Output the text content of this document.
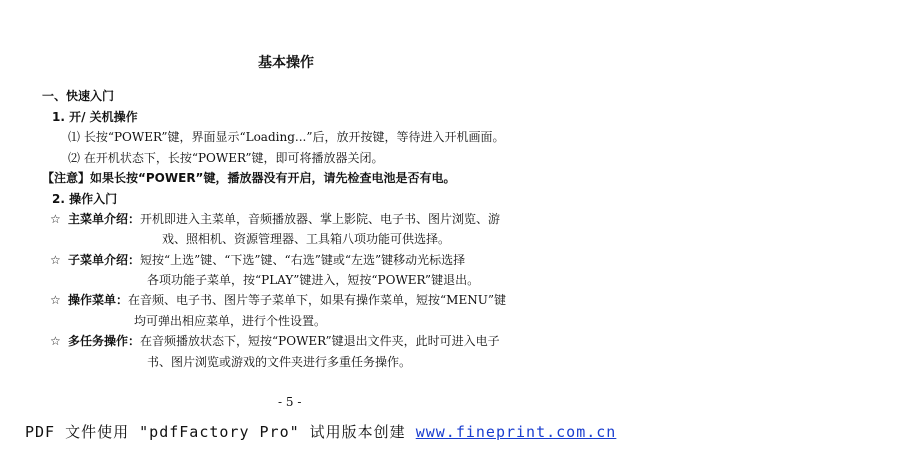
基本操作
一、快速入门
1. 开/ 关机操作
⑴ 长按“POWER”键，界面显示“Loading...”后，放开按键，等待进入开机画面。
⑵ 在开机状态下，长按“POWER”键，即可将播放器关闭。
【注意】如果长按“POWER”键，播放器没有开启，请先检查电池是否有电。
2. 操作入门
☆ 主菜单介绍：开机即进入主菜单，音频播放器、掌上影院、电子书、图片浏览、游
戏、照相机、资源管理器、工具箱八项功能可供选择。
☆ 子菜单介绍：短按“上选”键、“下选”键、“右选”键或“左选”键移动光标选择
各项功能子菜单，按“PLAY”键进入，短按“POWER”键退出。
☆ 操作菜单：在音频、电子书、图片等子菜单下，如果有操作菜单，短按“MENU”键
均可弹出相应菜单，进行个性设置。
☆ 多任务操作：在音频播放状态下，短按“POWER”键退出文件夹，此时可进入电子
书、图片浏览或游戏的文件夹进行多重任务操作。
- 5 -
PDF 文件使用 "pdfFactory Pro" 试用版本创建 www.fineprint.com.cn
